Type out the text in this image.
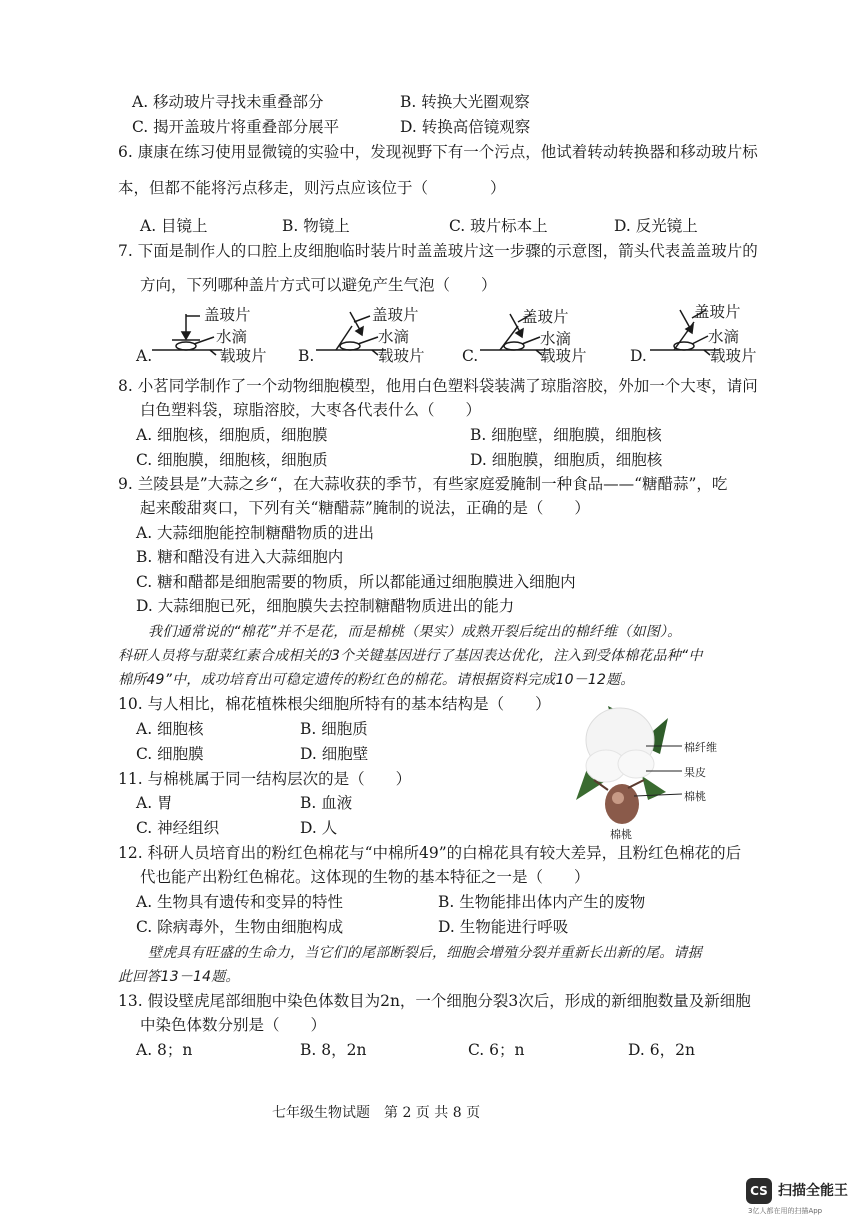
A. 移动玻片寻找未重叠部分	B. 转换大光圈观察
C. 揭开盖玻片将重叠部分展平	D. 转换高倍镜观察
6. 康康在练习使用显微镜的实验中，发现视野下有一个污点，他试着转动转换器和移动玻片标
本，但都不能将污点移走，则污点应该位于（　　　　）
A. 目镜上	B. 物镜上	C. 玻片标本上	D. 反光镜上
7. 下面是制作人的口腔上皮细胞临时装片时盖盖玻片这一步骤的示意图，箭头代表盖盖玻片的
方向，下列哪种盖片方式可以避免产生气泡（　　）
A.
盖玻片
水滴
载玻片 B.
盖玻片
水滴
载玻片 C.
盖玻片
水滴
载玻片	D.
盖玻片
水滴
载玻片
8. 小茗同学制作了一个动物细胞模型，他用白色塑料袋装满了琼脂溶胶，外加一个大枣，请问
白色塑料袋，琼脂溶胶，大枣各代表什么（　　）
A. 细胞核，细胞质，细胞膜	B. 细胞壁，细胞膜，细胞核
C. 细胞膜，细胞核，细胞质	D. 细胞膜，细胞质，细胞核
9. 兰陵县是”大蒜之乡“，在大蒜收获的季节，有些家庭爱腌制一种食品——“糖醋蒜”，吃
起来酸甜爽口，下列有关“糖醋蒜”腌制的说法，正确的是（　　）
A. 大蒜细胞能控制糖醋物质的进出
B. 糖和醋没有进入大蒜细胞内
C. 糖和醋都是细胞需要的物质，所以都能通过细胞膜进入细胞内
D. 大蒜细胞已死，细胞膜失去控制糖醋物质进出的能力
我们通常说的“棉花”并不是花，而是棉桃（果实）成熟开裂后绽出的棉纤维（如图）。
科研人员将与甜菜红素合成相关的3个关键基因进行了基因表达优化，注入到受体棉花品种“中
棉所49”中，成功培育出可稳定遗传的粉红色的棉花。请根据资料完成10－12题。
10. 与人相比，棉花植株根尖细胞所特有的基本结构是（　　）
A. 细胞核	B. 细胞质
C. 细胞膜	D. 细胞壁
11. 与棉桃属于同一结构层次的是（　　）
A. 胃	B. 血液
C. 神经组织	D. 人
棉纤维
果皮
棉桃
棉桃
12. 科研人员培育出的粉红色棉花与“中棉所49”的白棉花具有较大差异，且粉红色棉花的后
代也能产出粉红色棉花。这体现的生物的基本特征之一是（　　）
A. 生物具有遗传和变异的特性	B. 生物能排出体内产生的废物
C. 除病毒外，生物由细胞构成	D. 生物能进行呼吸
壁虎具有旺盛的生命力，当它们的尾部断裂后，细胞会增殖分裂并重新长出新的尾。请据
此回答13－14题。
13. 假设壁虎尾部细胞中染色体数目为2n，一个细胞分裂3次后，形成的新细胞数量及新细胞
中染色体数分别是（　　）
A. 8；n	B. 8，2n	C. 6；n	D. 6，2n
七年级生物试题　第 2 页 共 8 页
CS 扫描全能王
3亿人都在用的扫描App
